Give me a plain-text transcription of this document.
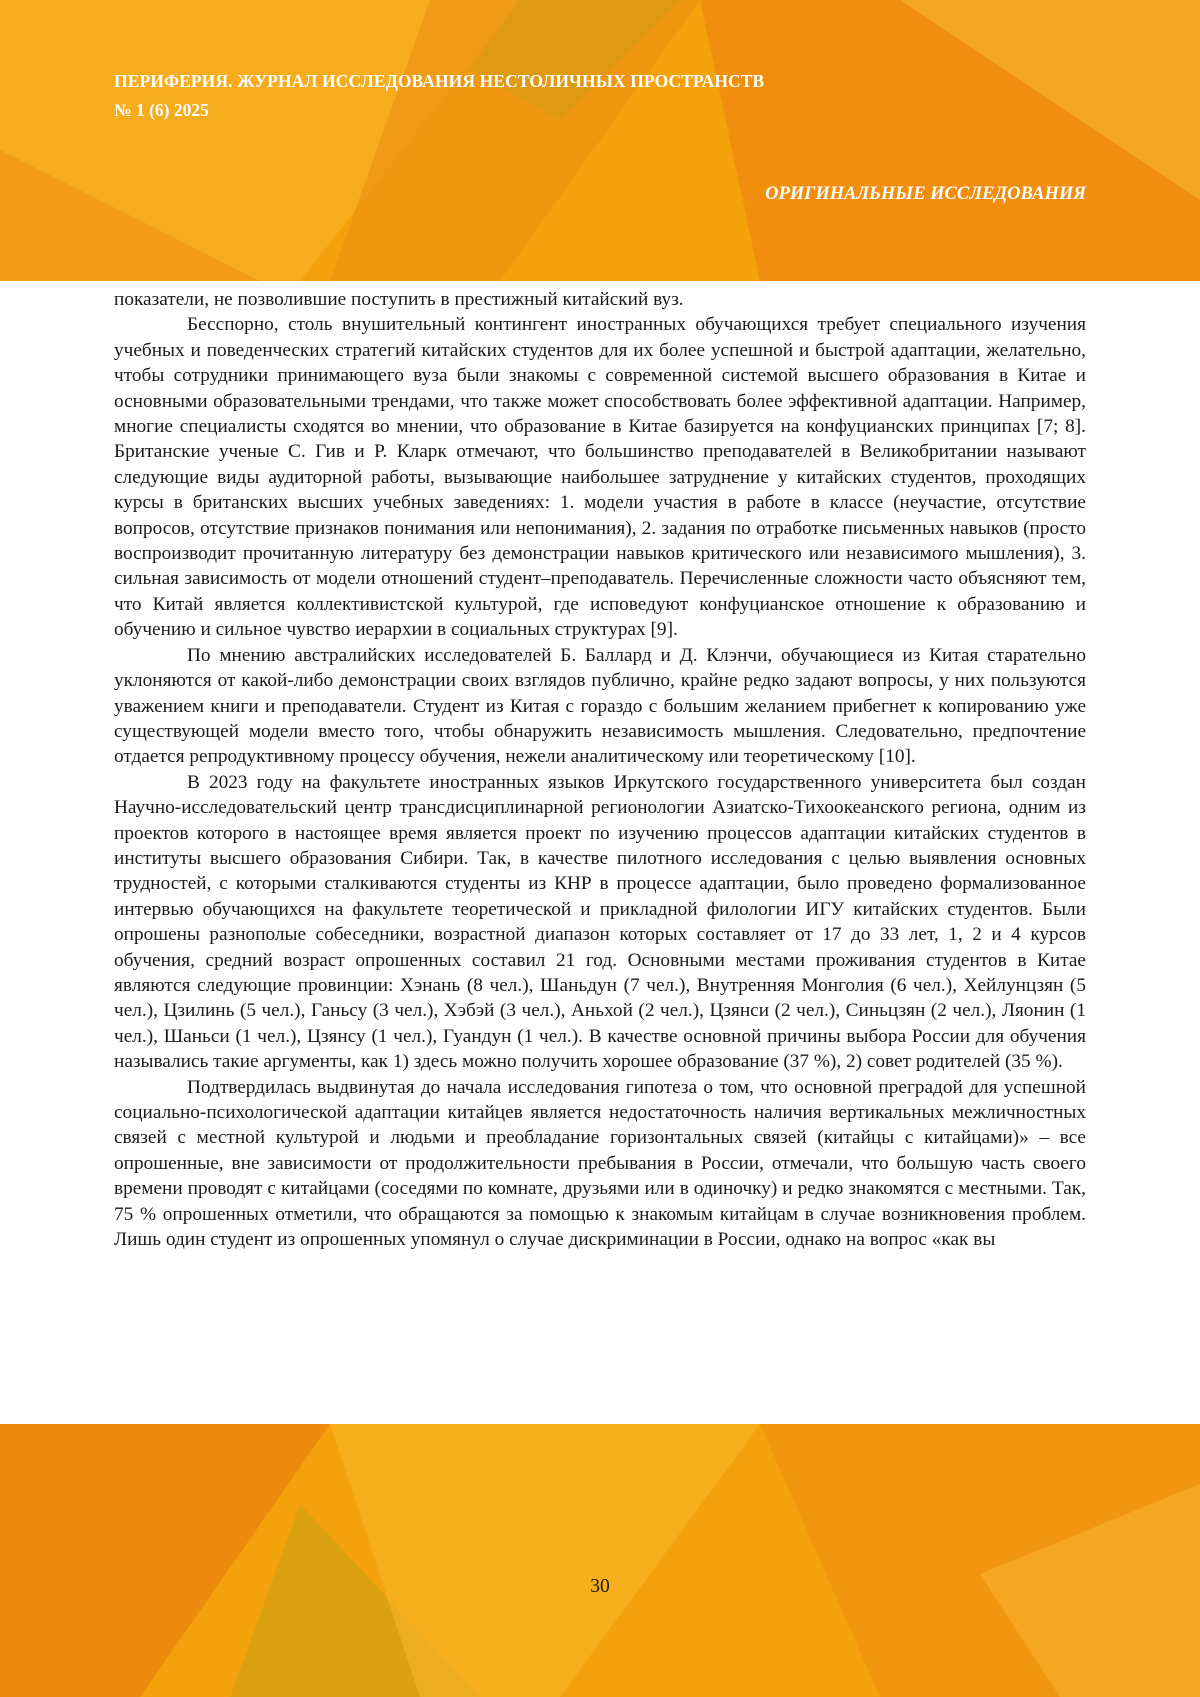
ПЕРИФЕРИЯ. ЖУРНАЛ ИССЛЕДОВАНИЯ НЕСТОЛИЧНЫХ ПРОСТРАНСТВ
№ 1 (6) 2025
ОРИГИНАЛЬНЫЕ ИССЛЕДОВАНИЯ

показатели, не позволившие поступить в престижный китайский вуз.

Бесспорно, столь внушительный контингент иностранных обучающихся требует специального изучения учебных и поведенческих стратегий китайских студентов для их более успешной и быстрой адаптации, желательно, чтобы сотрудники принимающего вуза были знакомы с современной системой высшего образования в Китае и основными образовательными трендами, что также может способствовать более эффективной адаптации. Например, многие специалисты сходятся во мнении, что образование в Китае базируется на конфуцианских принципах [7; 8]. Британские ученые С. Гив и Р. Кларк отмечают, что большинство преподавателей в Великобритании называют следующие виды аудиторной работы, вызывающие наибольшее затруднение у китайских студентов, проходящих курсы в британских высших учебных заведениях: 1. модели участия в работе в классе (неучастие, отсутствие вопросов, отсутствие признаков понимания или непонимания), 2. задания по отработке письменных навыков (просто воспроизводит прочитанную литературу без демонстрации навыков критического или независимого мышления), 3. сильная зависимость от модели отношений студент–преподаватель. Перечисленные сложности часто объясняют тем, что Китай является коллективистской культурой, где исповедуют конфуцианское отношение к образованию и обучению и сильное чувство иерархии в социальных структурах [9].

По мнению австралийских исследователей Б. Баллард и Д. Клэнчи, обучающиеся из Китая старательно уклоняются от какой-либо демонстрации своих взглядов публично, крайне редко задают вопросы, у них пользуются уважением книги и преподаватели. Студент из Китая с гораздо с большим желанием прибегнет к копированию уже существующей модели вместо того, чтобы обнаружить независимость мышления. Следовательно, предпочтение отдается репродуктивному процессу обучения, нежели аналитическому или теоретическому [10].

В 2023 году на факультете иностранных языков Иркутского государственного университета был создан Научно-исследовательский центр трансдисциплинарной регионологии Азиатско-Тихоокеанского региона, одним из проектов которого в настоящее время является проект по изучению процессов адаптации китайских студентов в институты высшего образования Сибири. Так, в качестве пилотного исследования с целью выявления основных трудностей, с которыми сталкиваются студенты из КНР в процессе адаптации, было проведено формализованное интервью обучающихся на факультете теоретической и прикладной филологии ИГУ китайских студентов. Были опрошены разнополые собеседники, возрастной диапазон которых составляет от 17 до 33 лет, 1, 2 и 4 курсов обучения, средний возраст опрошенных составил 21 год. Основными местами проживания студентов в Китае являются следующие провинции: Хэнань (8 чел.), Шаньдун (7 чел.), Внутренняя Монголия (6 чел.), Хейлунцзян (5 чел.), Цзилинь (5 чел.), Ганьсу (3 чел.), Хэбэй (3 чел.), Аньхой (2 чел.), Цзянси (2 чел.), Синьцзян (2 чел.), Ляонин (1 чел.), Шаньси (1 чел.), Цзянсу (1 чел.), Гуандун (1 чел.). В качестве основной причины выбора России для обучения назывались такие аргументы, как 1) здесь можно получить хорошее образование (37 %), 2) совет родителей (35 %).

Подтвердилась выдвинутая до начала исследования гипотеза о том, что основной преградой для успешной социально-психологической адаптации китайцев является недостаточность наличия вертикальных межличностных связей с местной культурой и людьми и преобладание горизонтальных связей (китайцы с китайцами)» – все опрошенные, вне зависимости от продолжительности пребывания в России, отмечали, что большую часть своего времени проводят с китайцами (соседями по комнате, друзьями или в одиночку) и редко знакомятся с местными. Так, 75 % опрошенных отметили, что обращаются за помощью к знакомым китайцам в случае возникновения проблем. Лишь один студент из опрошенных упомянул о случае дискриминации в России, однако на вопрос «как вы

30
